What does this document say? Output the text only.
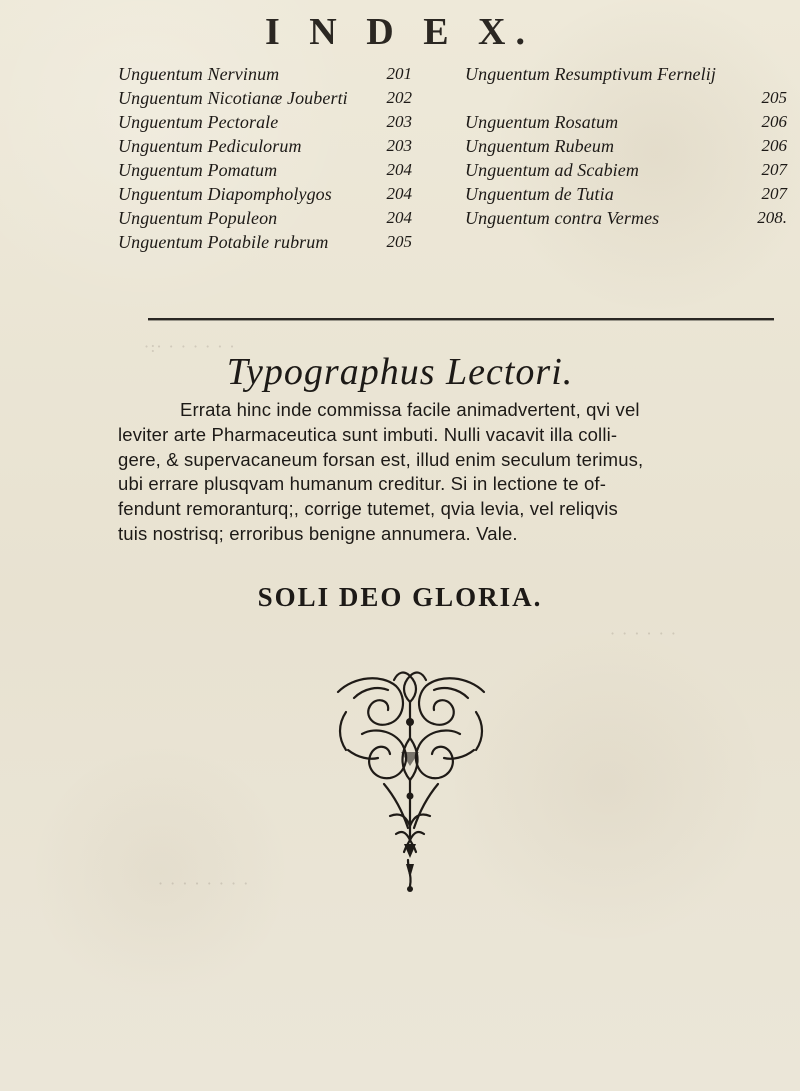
I N D E X.
Unguentum Nervinum	201
Unguentum Nicotianæ Jouberti 202
Unguentum Pectorale	203
Unguentum Pediculorum	203
Unguentum Pomatum	204
Unguentum Diapompholygos	204
Unguentum Populeon	204
Unguentum Potabile rubrum	205
Unguentum Resumptivum Fernelij
205
Unguentum Rosatum	206
Unguentum Rubeum	206
Unguentum ad Scabiem	207
Unguentum de Tutia	207
Unguentum contra Vermes	208.
Typographus Lectori.
Errata hinc inde commissa facile animadvertent, qvi vel
leviter arte Pharmaceutica sunt imbuti. Nulli vacavit illa colli-
gere, & supervacaneum forsan est, illud enim seculum terimus,
ubi errare plusqvam humanum creditur. Si in lectione te of-
fendunt remoranturq;, corrige tutemet, qvia levia, vel reliqvis
tuis nostrisq; erroribus benigne annumera. Vale.
SOLI DEO GLORIA.
·:· · · · · · ·
· · · · · ·
· · · · · · · ·
